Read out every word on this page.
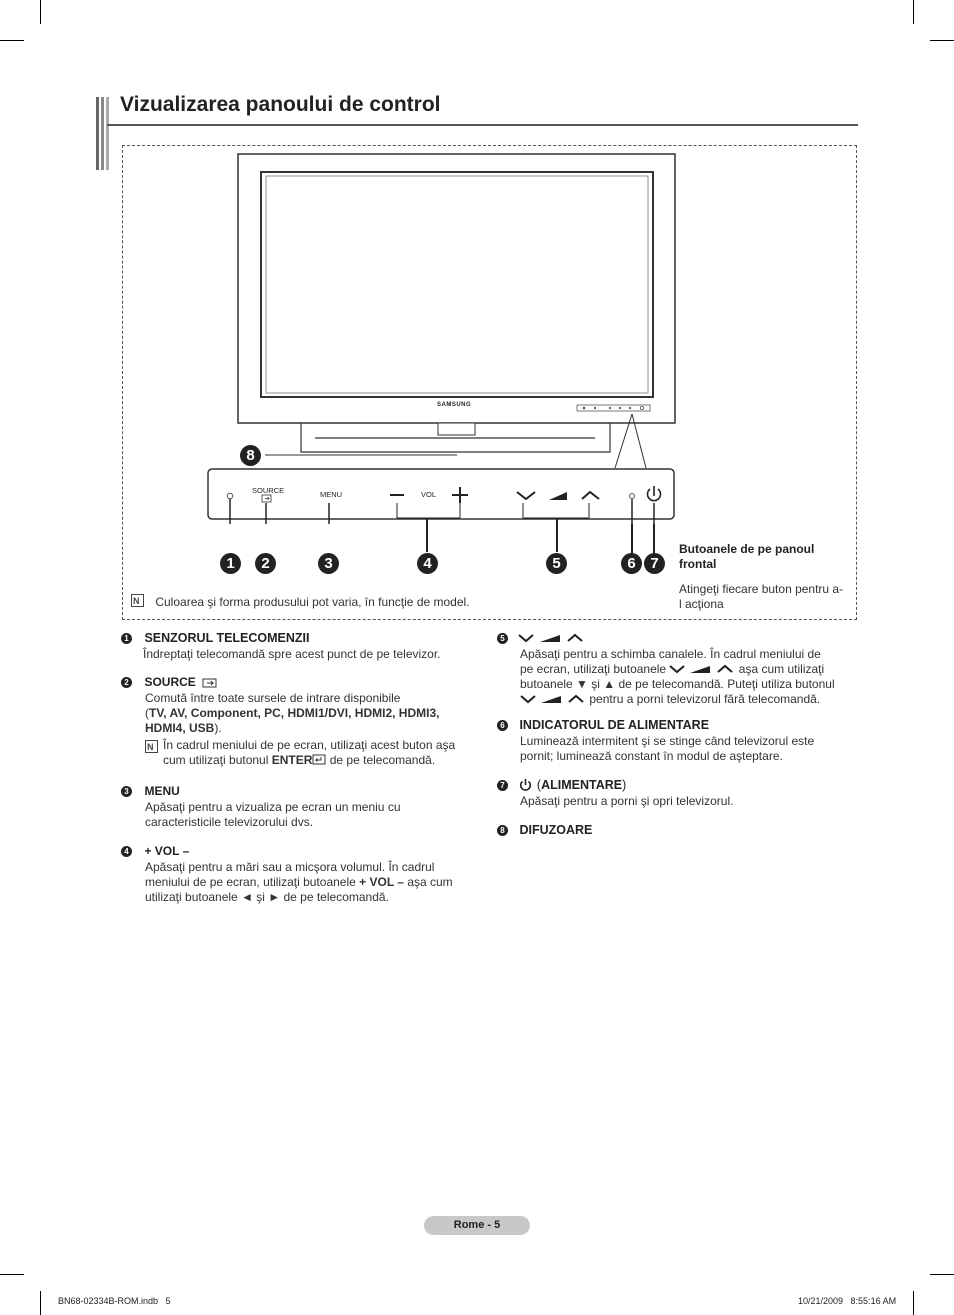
Vizualizarea panoului de control
SAMSUNG
SOURCE	MENU	VOL
8
1	2	3	4	5	6 7
Butoanele de pe panoul frontal
Atingeţi fiecare buton pentru a-l acţiona
N Culoarea şi forma produsului pot varia, în funcţie de model.
1 SENZORUL TELECOMENZII
Îndreptaţi telecomandă spre acest punct de pe televizor.
2 SOURCE
Comută între toate sursele de intrare disponibile
(TV, AV, Component, PC, HDMI1/DVI, HDMI2, HDMI3, HDMI4, USB).
N
În cadrul meniului de pe ecran, utilizaţi acest buton aşa cum utilizaţi butonul ENTER de pe telecomandă.
3 MENU
Apăsaţi pentru a vizualiza pe ecran un meniu cu caracteristicile televizorului dvs.
4 + VOL –
Apăsaţi pentru a mări sau a micşora volumul. În cadrul meniului de pe ecran, utilizaţi butoanele + VOL – aşa cum utilizaţi butoanele ◄ şi ► de pe telecomandă.
5
Apăsaţi pentru a schimba canalele. În cadrul meniului de
pe ecran, utilizaţi butoanele	aşa cum utilizaţi
butoanele ▼ şi ▲ de pe telecomandă. Puteţi utiliza butonul
pentru a porni televizorul fără telecomandă.
6 INDICATORUL DE ALIMENTARE
Luminează intermitent şi se stinge când televizorul este pornit; luminează constant în modul de aşteptare.
7	(ALIMENTARE)
Apăsaţi pentru a porni şi opri televizorul.
8 DIFUZOARE
Rome - 5
BN68-02334B-ROM.indb   5	10/21/2009   8:55:16 AM
